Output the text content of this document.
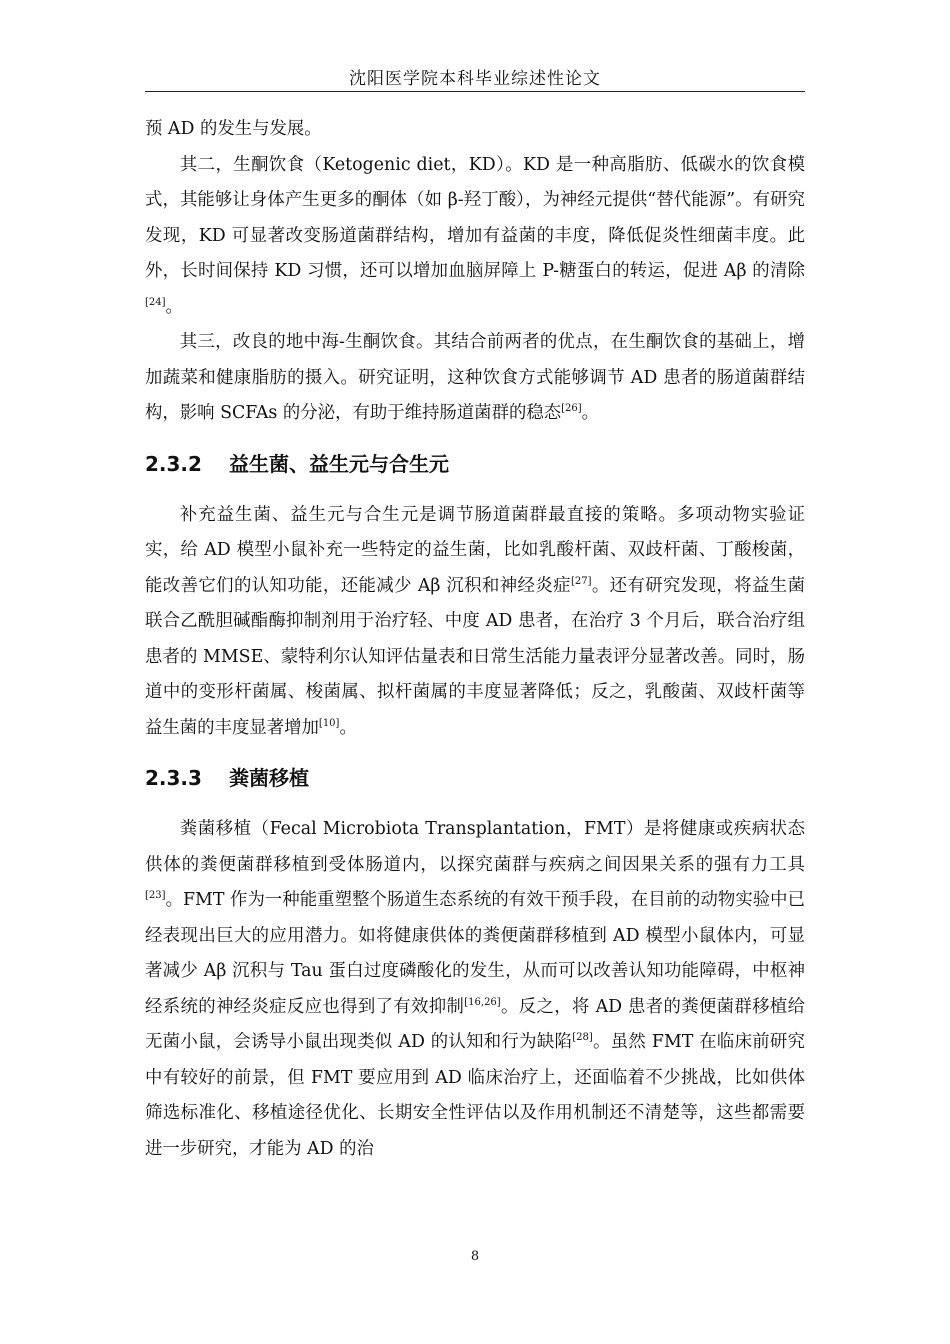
沈阳医学院本科毕业综述性论文

预 AD 的发生与发展。

其二，生酮饮食（Ketogenic diet，KD）。KD 是一种高脂肪、低碳水的饮食模式，其能够让身体产生更多的酮体（如 β-羟丁酸），为神经元提供“替代能源”。有研究发现，KD 可显著改变肠道菌群结构，增加有益菌的丰度，降低促炎性细菌丰度。此外，长时间保持 KD 习惯，还可以增加血脑屏障上 P-糖蛋白的转运，促进 Aβ 的清除[24]。

其三，改良的地中海-生酮饮食。其结合前两者的优点，在生酮饮食的基础上，增加蔬菜和健康脂肪的摄入。研究证明，这种饮食方式能够调节 AD 患者的肠道菌群结构，影响 SCFAs 的分泌，有助于维持肠道菌群的稳态[26]。

2.3.2 益生菌、益生元与合生元

补充益生菌、益生元与合生元是调节肠道菌群最直接的策略。多项动物实验证实，给 AD 模型小鼠补充一些特定的益生菌，比如乳酸杆菌、双歧杆菌、丁酸梭菌，能改善它们的认知功能，还能减少 Aβ 沉积和神经炎症[27]。还有研究发现，将益生菌联合乙酰胆碱酯酶抑制剂用于治疗轻、中度 AD 患者，在治疗 3 个月后，联合治疗组患者的 MMSE、蒙特利尔认知评估量表和日常生活能力量表评分显著改善。同时，肠道中的变形杆菌属、梭菌属、拟杆菌属的丰度显著降低；反之，乳酸菌、双歧杆菌等益生菌的丰度显著增加[10]。

2.3.3 粪菌移植

粪菌移植（Fecal Microbiota Transplantation，FMT）是将健康或疾病状态供体的粪便菌群移植到受体肠道内，以探究菌群与疾病之间因果关系的强有力工具[23]。FMT 作为一种能重塑整个肠道生态系统的有效干预手段，在目前的动物实验中已经表现出巨大的应用潜力。如将健康供体的粪便菌群移植到 AD 模型小鼠体内，可显著减少 Aβ 沉积与 Tau 蛋白过度磷酸化的发生，从而可以改善认知功能障碍，中枢神经系统的神经炎症反应也得到了有效抑制[16,26]。反之，将 AD 患者的粪便菌群移植给无菌小鼠，会诱导小鼠出现类似 AD 的认知和行为缺陷[28]。虽然 FMT 在临床前研究中有较好的前景，但 FMT 要应用到 AD 临床治疗上，还面临着不少挑战，比如供体筛选标准化、移植途径优化、长期安全性评估以及作用机制还不清楚等，这些都需要进一步研究，才能为 AD 的治

8
